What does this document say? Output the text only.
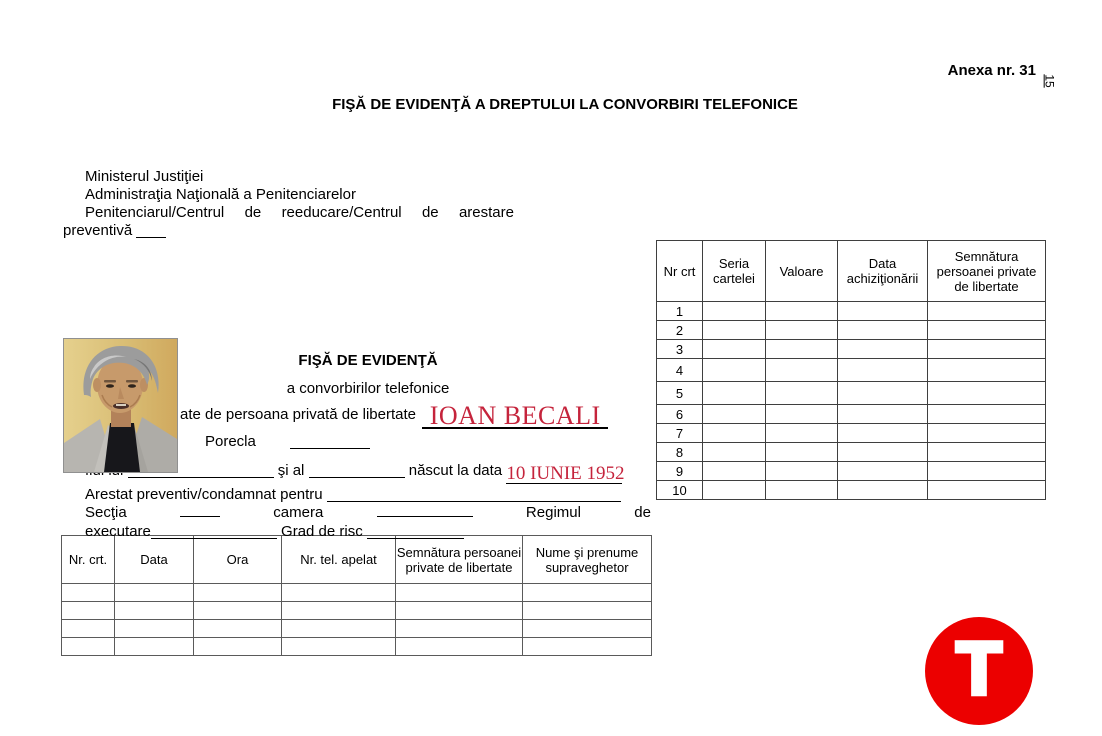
Anexa nr. 31
15
FIŞĂ DE EVIDENŢĂ A DREPTULUI LA CONVORBIRI TELEFONICE
Ministerul Justiţiei
Administraţia Naţională a Penitenciarelor
Penitenciarul/Centrul de reeducare/Centrul de arestare
preventivă
Nr crt	Seria cartelei	Valoare	Data achiziţionării	Semnătura persoanei private de libertate
1				
2				
3				
4				
5				
6				
7				
8				
9				
10				
FIŞĂ DE EVIDENŢĂ
a convorbirilor telefonice
ate de persoana privată de libertate IOAN BECALI
Porecla
şi al	născut la data 10 IUNIE 1952
Arestat preventiv/condamnat pentru
Secţia	camera	Regimul	de
executare	Grad de risc
Nr. crt.	Data	Ora	Nr. tel. apelat	Semnătura persoanei private de libertate	Nume şi prenume supraveghetor

T
